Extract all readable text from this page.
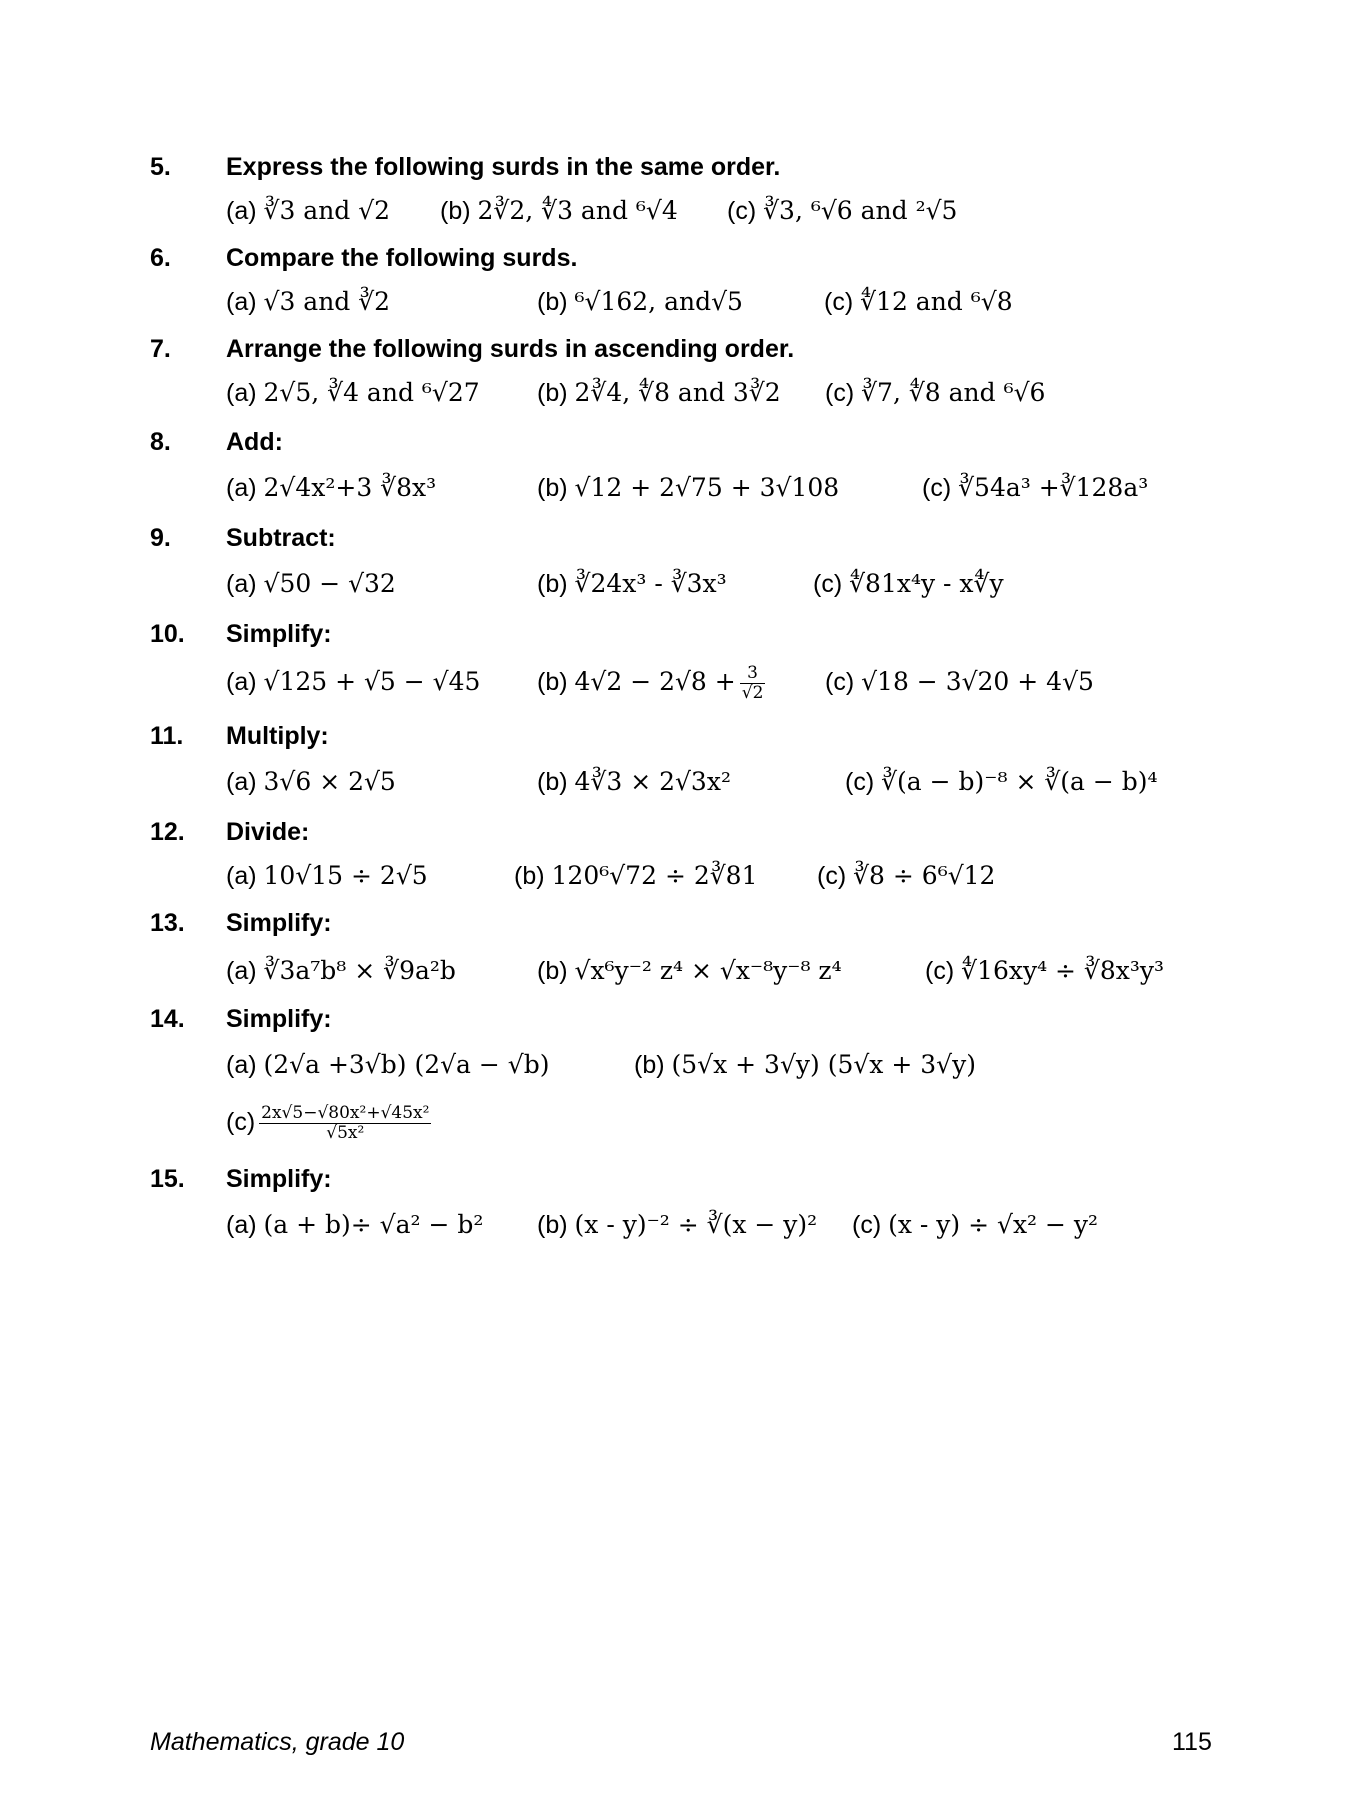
5. Express the following surds in the same order.
(a) ∛3 and √2 (b) 2∛2, ∜3 and ⁶√4 (c) ∛3, ⁶√6 and ²√5
6. Compare the following surds.
(a) √3 and ∛2	(b) ⁶√162, and√5	(c) ∜12 and ⁶√8
7. Arrange the following surds in ascending order.
(a) 2√5, ∛4 and ⁶√27 (b) 2∛4, ∜8 and 3∛2 (c) ∛7, ∜8 and ⁶√6
8. Add:
(a) 2√4x²+3 ∛8x³	(b) √12 + 2√75 + 3√108	(c) ∛54a³ +∛128a³
9. Subtract:
(a) √50 − √32	(b) ∛24x³ - ∛3x³	(c) ∜81x⁴y - x∜y
10. Simplify:
(a) √125 + √5 − √45 (b) $4√2 - 2√8 + \frac{3}{√2} (c) √18 - 3√20 + 4√5$
11. Multiply:
(a) 3√6 × 2√5	(b) 4∛3 × 2√3x²	(c) ∛(a − b)⁻⁸ × ∛(a − b)⁴
12. Divide:
(a) 10√15 ÷ 2√5	(b) 120⁶√72 ÷ 2∛81 (c) ∛8 ÷ 6⁶√12
13. Simplify:
(a) ∛3a⁷b⁸ × ∛9a²b	(b) √x⁶y⁻² z⁴ × √x⁻⁸y⁻⁸ z⁴	(c) ∜16xy⁴ ÷ ∛8x³y³
14. Simplify:
(a) (2√a +3√b) (2√a − √b)	(b) (5√x + 3√y) (5√x + 3√y)
$(c) \frac{\text{2x√5−√80x²+√45x²}}{\text{√5x²}}$
15. Simplify:
(a) (a + b)÷ √a² − b² (b) (x - y)⁻² ÷ ∛(x − y)² (c) (x - y) ÷ √x² − y²
Mathematics, grade 10	115
